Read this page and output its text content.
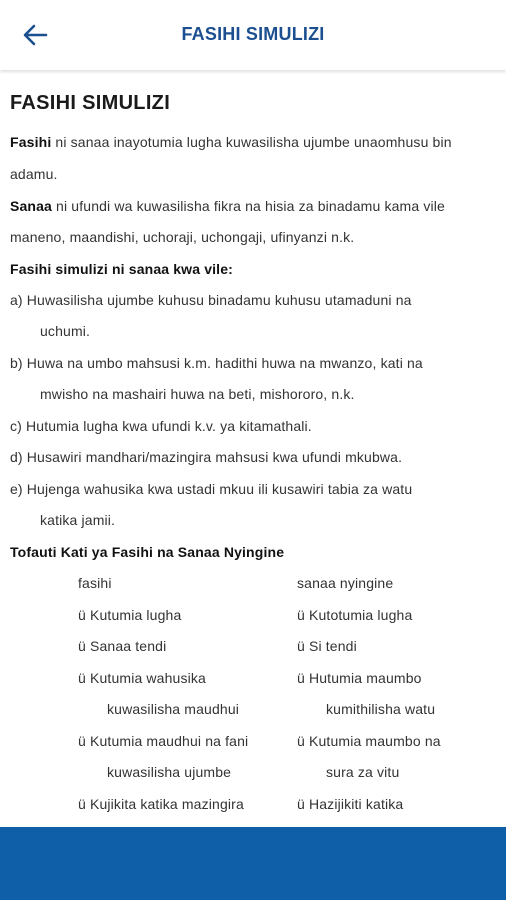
FASIHI SIMULIZI
FASIHI SIMULIZI
Fasihi ni sanaa inayotumia lugha kuwasilisha ujumbe unaomhusu bin
adamu.
Sanaa ni ufundi wa kuwasilisha fikra na hisia za binadamu kama vile
maneno, maandishi, uchoraji, uchongaji, ufinyanzi n.k.
Fasihi simulizi ni sanaa kwa vile:
a) Huwasilisha ujumbe kuhusu binadamu kuhusu utamaduni na
uchumi.
b) Huwa na umbo mahsusi k.m. hadithi huwa na mwanzo, kati na
mwisho na mashairi huwa na beti, mishororo, n.k.
c) Hutumia lugha kwa ufundi k.v. ya kitamathali.
d) Husawiri mandhari/mazingira mahsusi kwa ufundi mkubwa.
e) Hujenga wahusika kwa ustadi mkuu ili kusawiri tabia za watu
katika jamii.
Tofauti Kati ya Fasihi na Sanaa Nyingine
fasihi	sanaa nyingine
ü Kutumia lugha	ü Kutotumia lugha
ü Sanaa tendi	ü Si tendi
ü Kutumia wahusika	ü Hutumia maumbo
kuwasilisha maudhui	kumithilisha watu
ü Kutumia maudhui na fani	ü Kutumia maumbo na
kuwasilisha ujumbe	sura za vitu
ü Kujikita katika mazingira	ü Hazijikiti katika
